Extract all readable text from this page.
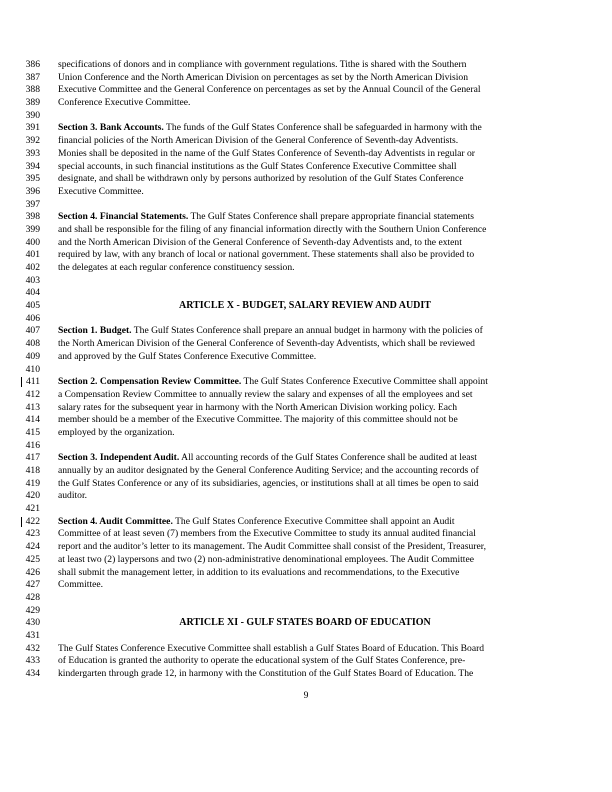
386 specifications of donors and in compliance with government regulations. Tithe is shared with the Southern
387 Union Conference and the North American Division on percentages as set by the North American Division
388 Executive Committee and the General Conference on percentages as set by the Annual Council of the General
389 Conference Executive Committee.
390
391 Section 3. Bank Accounts. The funds of the Gulf States Conference shall be safeguarded in harmony with the
392 financial policies of the North American Division of the General Conference of Seventh-day Adventists.
393 Monies shall be deposited in the name of the Gulf States Conference of Seventh-day Adventists in regular or
394 special accounts, in such financial institutions as the Gulf States Conference Executive Committee shall
395 designate, and shall be withdrawn only by persons authorized by resolution of the Gulf States Conference
396 Executive Committee.
397
398 Section 4. Financial Statements. The Gulf States Conference shall prepare appropriate financial statements
399 and shall be responsible for the filing of any financial information directly with the Southern Union Conference
400 and the North American Division of the General Conference of Seventh-day Adventists and, to the extent
401 required by law, with any branch of local or national government. These statements shall also be provided to
402 the delegates at each regular conference constituency session.
403
404
405	ARTICLE X - BUDGET, SALARY REVIEW AND AUDIT
406
407 Section 1. Budget. The Gulf States Conference shall prepare an annual budget in harmony with the policies of
408 the North American Division of the General Conference of Seventh-day Adventists, which shall be reviewed
409 and approved by the Gulf States Conference Executive Committee.
410
411 Section 2. Compensation Review Committee. The Gulf States Conference Executive Committee shall appoint
412 a Compensation Review Committee to annually review the salary and expenses of all the employees and set
413 salary rates for the subsequent year in harmony with the North American Division working policy. Each
414 member should be a member of the Executive Committee. The majority of this committee should not be
415 employed by the organization.
416
417 Section 3. Independent Audit. All accounting records of the Gulf States Conference shall be audited at least
418 annually by an auditor designated by the General Conference Auditing Service; and the accounting records of
419 the Gulf States Conference or any of its subsidiaries, agencies, or institutions shall at all times be open to said
420 auditor.
421
422 Section 4. Audit Committee. The Gulf States Conference Executive Committee shall appoint an Audit
423 Committee of at least seven (7) members from the Executive Committee to study its annual audited financial
424 report and the auditor’s letter to its management. The Audit Committee shall consist of the President, Treasurer,
425 at least two (2) laypersons and two (2) non-administrative denominational employees. The Audit Committee
426 shall submit the management letter, in addition to its evaluations and recommendations, to the Executive
427 Committee.
428
429
430	ARTICLE XI - GULF STATES BOARD OF EDUCATION
431
432 The Gulf States Conference Executive Committee shall establish a Gulf States Board of Education. This Board
433 of Education is granted the authority to operate the educational system of the Gulf States Conference, pre-
434 kindergarten through grade 12, in harmony with the Constitution of the Gulf States Board of Education. The
9
